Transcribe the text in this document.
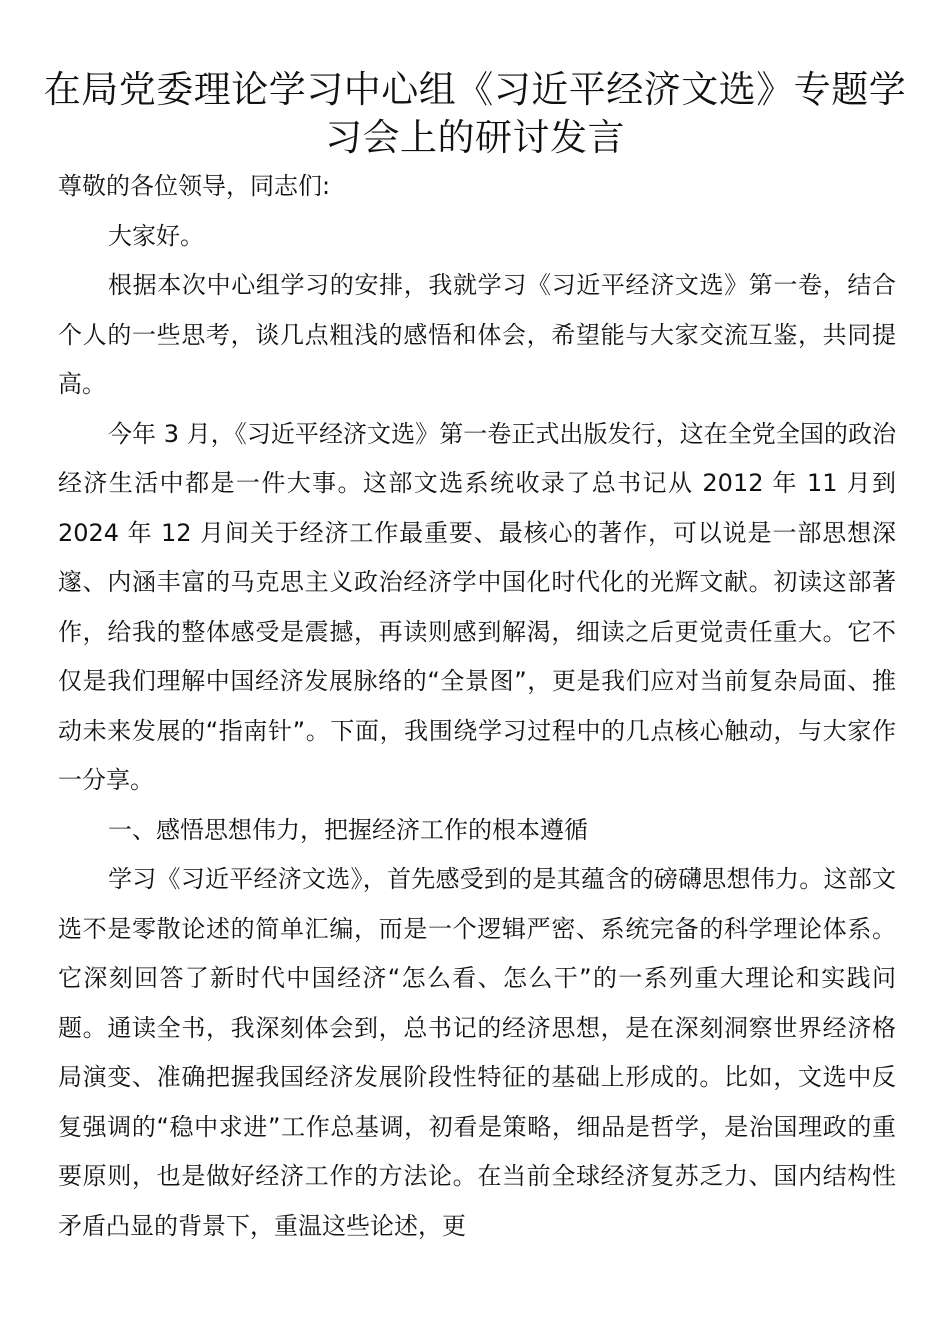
在局党委理论学习中心组《习近平经济文选》专题学习会上的研讨发言

尊敬的各位领导，同志们:

大家好。

根据本次中心组学习的安排，我就学习《习近平经济文选》第一卷，结合个人的一些思考，谈几点粗浅的感悟和体会，希望能与大家交流互鉴，共同提高。

今年 3 月，《习近平经济文选》第一卷正式出版发行，这在全党全国的政治经济生活中都是一件大事。这部文选系统收录了总书记从 2012 年 11 月到 2024 年 12 月间关于经济工作最重要、最核心的著作，可以说是一部思想深邃、内涵丰富的马克思主义政治经济学中国化时代化的光辉文献。初读这部著作，给我的整体感受是震撼，再读则感到解渴，细读之后更觉责任重大。它不仅是我们理解中国经济发展脉络的“全景图”，更是我们应对当前复杂局面、推动未来发展的“指南针”。下面，我围绕学习过程中的几点核心触动，与大家作一分享。

一、感悟思想伟力，把握经济工作的根本遵循

学习《习近平经济文选》，首先感受到的是其蕴含的磅礴思想伟力。这部文选不是零散论述的简单汇编，而是一个逻辑严密、系统完备的科学理论体系。它深刻回答了新时代中国经济“怎么看、怎么干”的一系列重大理论和实践问题。通读全书，我深刻体会到，总书记的经济思想，是在深刻洞察世界经济格局演变、准确把握我国经济发展阶段性特征的基础上形成的。比如，文选中反复强调的“稳中求进”工作总基调，初看是策略，细品是哲学，是治国理政的重要原则，也是做好经济工作的方法论。在当前全球经济复苏乏力、国内结构性矛盾凸显的背景下，重温这些论述，更
